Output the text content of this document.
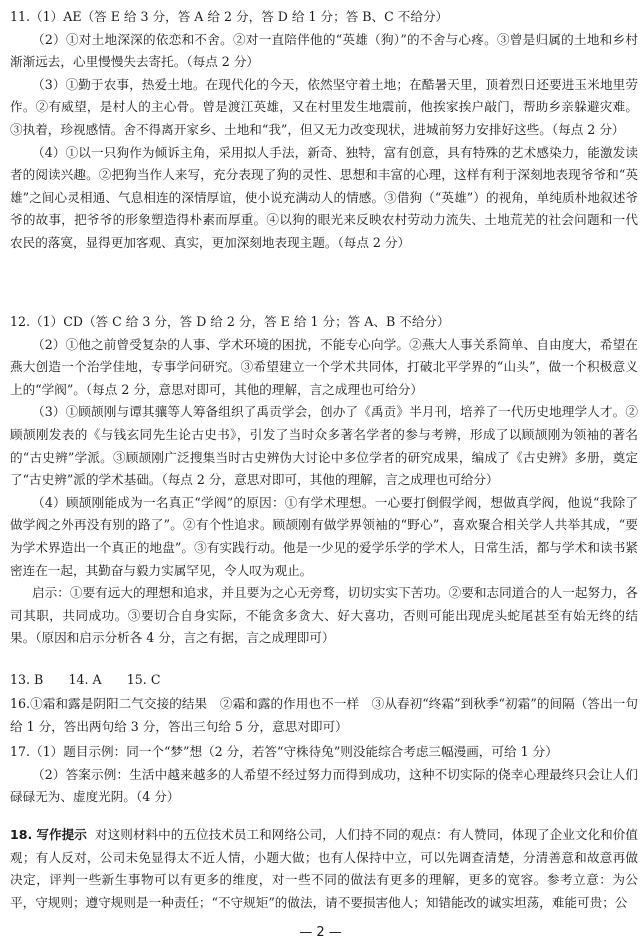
11.（1）AE（答 E 给 3 分，答 A 给 2 分，答 D 给 1 分；答 B、C 不给分）

（2）①对土地深深的依恋和不舍。②对一直陪伴他的“英雄（狗）”的不舍与心疼。③曾是归属的土地和乡村渐渐远去，心里慢慢失去寄托。（每点 2 分）

（3）①勤于农事，热爱土地。在现代化的今天，依然坚守着土地；在酷暑天里，顶着烈日还要进玉米地里劳作。②有威望，是村人的主心骨。曾是渡江英雄，又在村里发生地震前，他挨家挨户敲门，帮助乡亲躲避灾难。③执着，珍视感情。舍不得离开家乡、土地和“我”，但又无力改变现状，进城前努力安排好这些。（每点 2 分）

（4）①以一只狗作为倾诉主角，采用拟人手法，新奇、独特，富有创意，具有特殊的艺术感染力，能激发读者的阅读兴趣。②把狗当作人来写，充分表现了狗的灵性、思想和丰富的心理，这样有利于深刻地表现爷爷和“英雄”之间心灵相通、气息相连的深情厚谊，使小说充满动人的情感。③借狗（“英雄”）的视角，单纯质朴地叙述爷爷的故事，把爷爷的形象塑造得朴素而厚重。④以狗的眼光来反映农村劳动力流失、土地荒芜的社会问题和一代农民的落寞，显得更加客观、真实，更加深刻地表现主题。（每点 2 分）

12.（1）CD（答 C 给 3 分，答 D 给 2 分，答 E 给 1 分；答 A、B 不给分）

（2）①他之前曾受复杂的人事、学术环境的困扰，不能专心向学。②燕大人事关系简单、自由度大，希望在燕大创造一个治学佳地，专事学问研究。③希望建立一个学术共同体，打破北平学界的“山头”，做一个积极意义上的“学阀”。（每点 2 分，意思对即可，其他的理解，言之成理也可给分）

（3）①顾颉刚与谭其骧等人筹备组织了禹贡学会，创办了《禹贡》半月刊，培养了一代历史地理学人才。②顾颉刚发表的《与钱玄同先生论古史书》，引发了当时众多著名学者的参与考辨，形成了以顾颉刚为领袖的著名的“古史辨”学派。③顾颉刚广泛搜集当时古史辨伪大讨论中多位学者的研究成果，编成了《古史辨》多册，奠定了“古史辨”派的学术基础。（每点 2 分，意思对即可，其他的理解，言之成理也可给分）

（4）顾颉刚能成为一名真正“学阀”的原因：①有学术理想。一心要打倒假学阀，想做真学阀，他说“我除了做学阀之外再没有别的路了”。②有个性追求。顾颉刚有做学界领袖的“野心”，喜欢聚合相关学人共举其成，“要为学术界造出一个真正的地盘”。③有实践行动。他是一少见的爱学乐学的学术人，日常生活，都与学术和读书紧密连在一起，其勤奋与毅力实属罕见，令人叹为观止。

启示：①要有远大的理想和追求，并且要为之心无旁骛，切切实实下苦功。②要和志同道合的人一起努力，各司其职，共同成功。③要切合自身实际，不能贪多贪大、好大喜功，否则可能出现虎头蛇尾甚至有始无终的结果。（原因和启示分析各 4 分，言之有据，言之成理即可）

13. B　　14. A　　15. C

16.①霜和露是阴阳二气交接的结果　②霜和露的作用也不一样　③从春初“终霜”到秋季“初霜”的间隔（答出一句给 1 分，答出两句给 3 分，答出三句给 5 分，意思对即可）

17.（1）题目示例：同一个“梦”想（2 分，若答“守株待兔”则没能综合考虑三幅漫画，可给 1 分）

（2）答案示例：生活中越来越多的人希望不经过努力而得到成功，这种不切实际的侥幸心理最终只会让人们碌碌无为、虚度光阴。（4 分）

18. 写作提示 对这则材料中的五位技术员工和网络公司，人们持不同的观点：有人赞同，体现了企业文化和价值观；有人反对，公司未免显得太不近人情，小题大做；也有人保持中立，可以先调查清楚，分清善意和故意再做决定，评判一些新生事物可以有更多的维度，对一些不同的做法有更多的理解，更多的宽容。参考立意：为公平，守规则；遵守规则是一种责任；“不守规矩”的做法，请不要损害他人；知错能改的诚实坦荡，难能可贵；公

— 2 —
